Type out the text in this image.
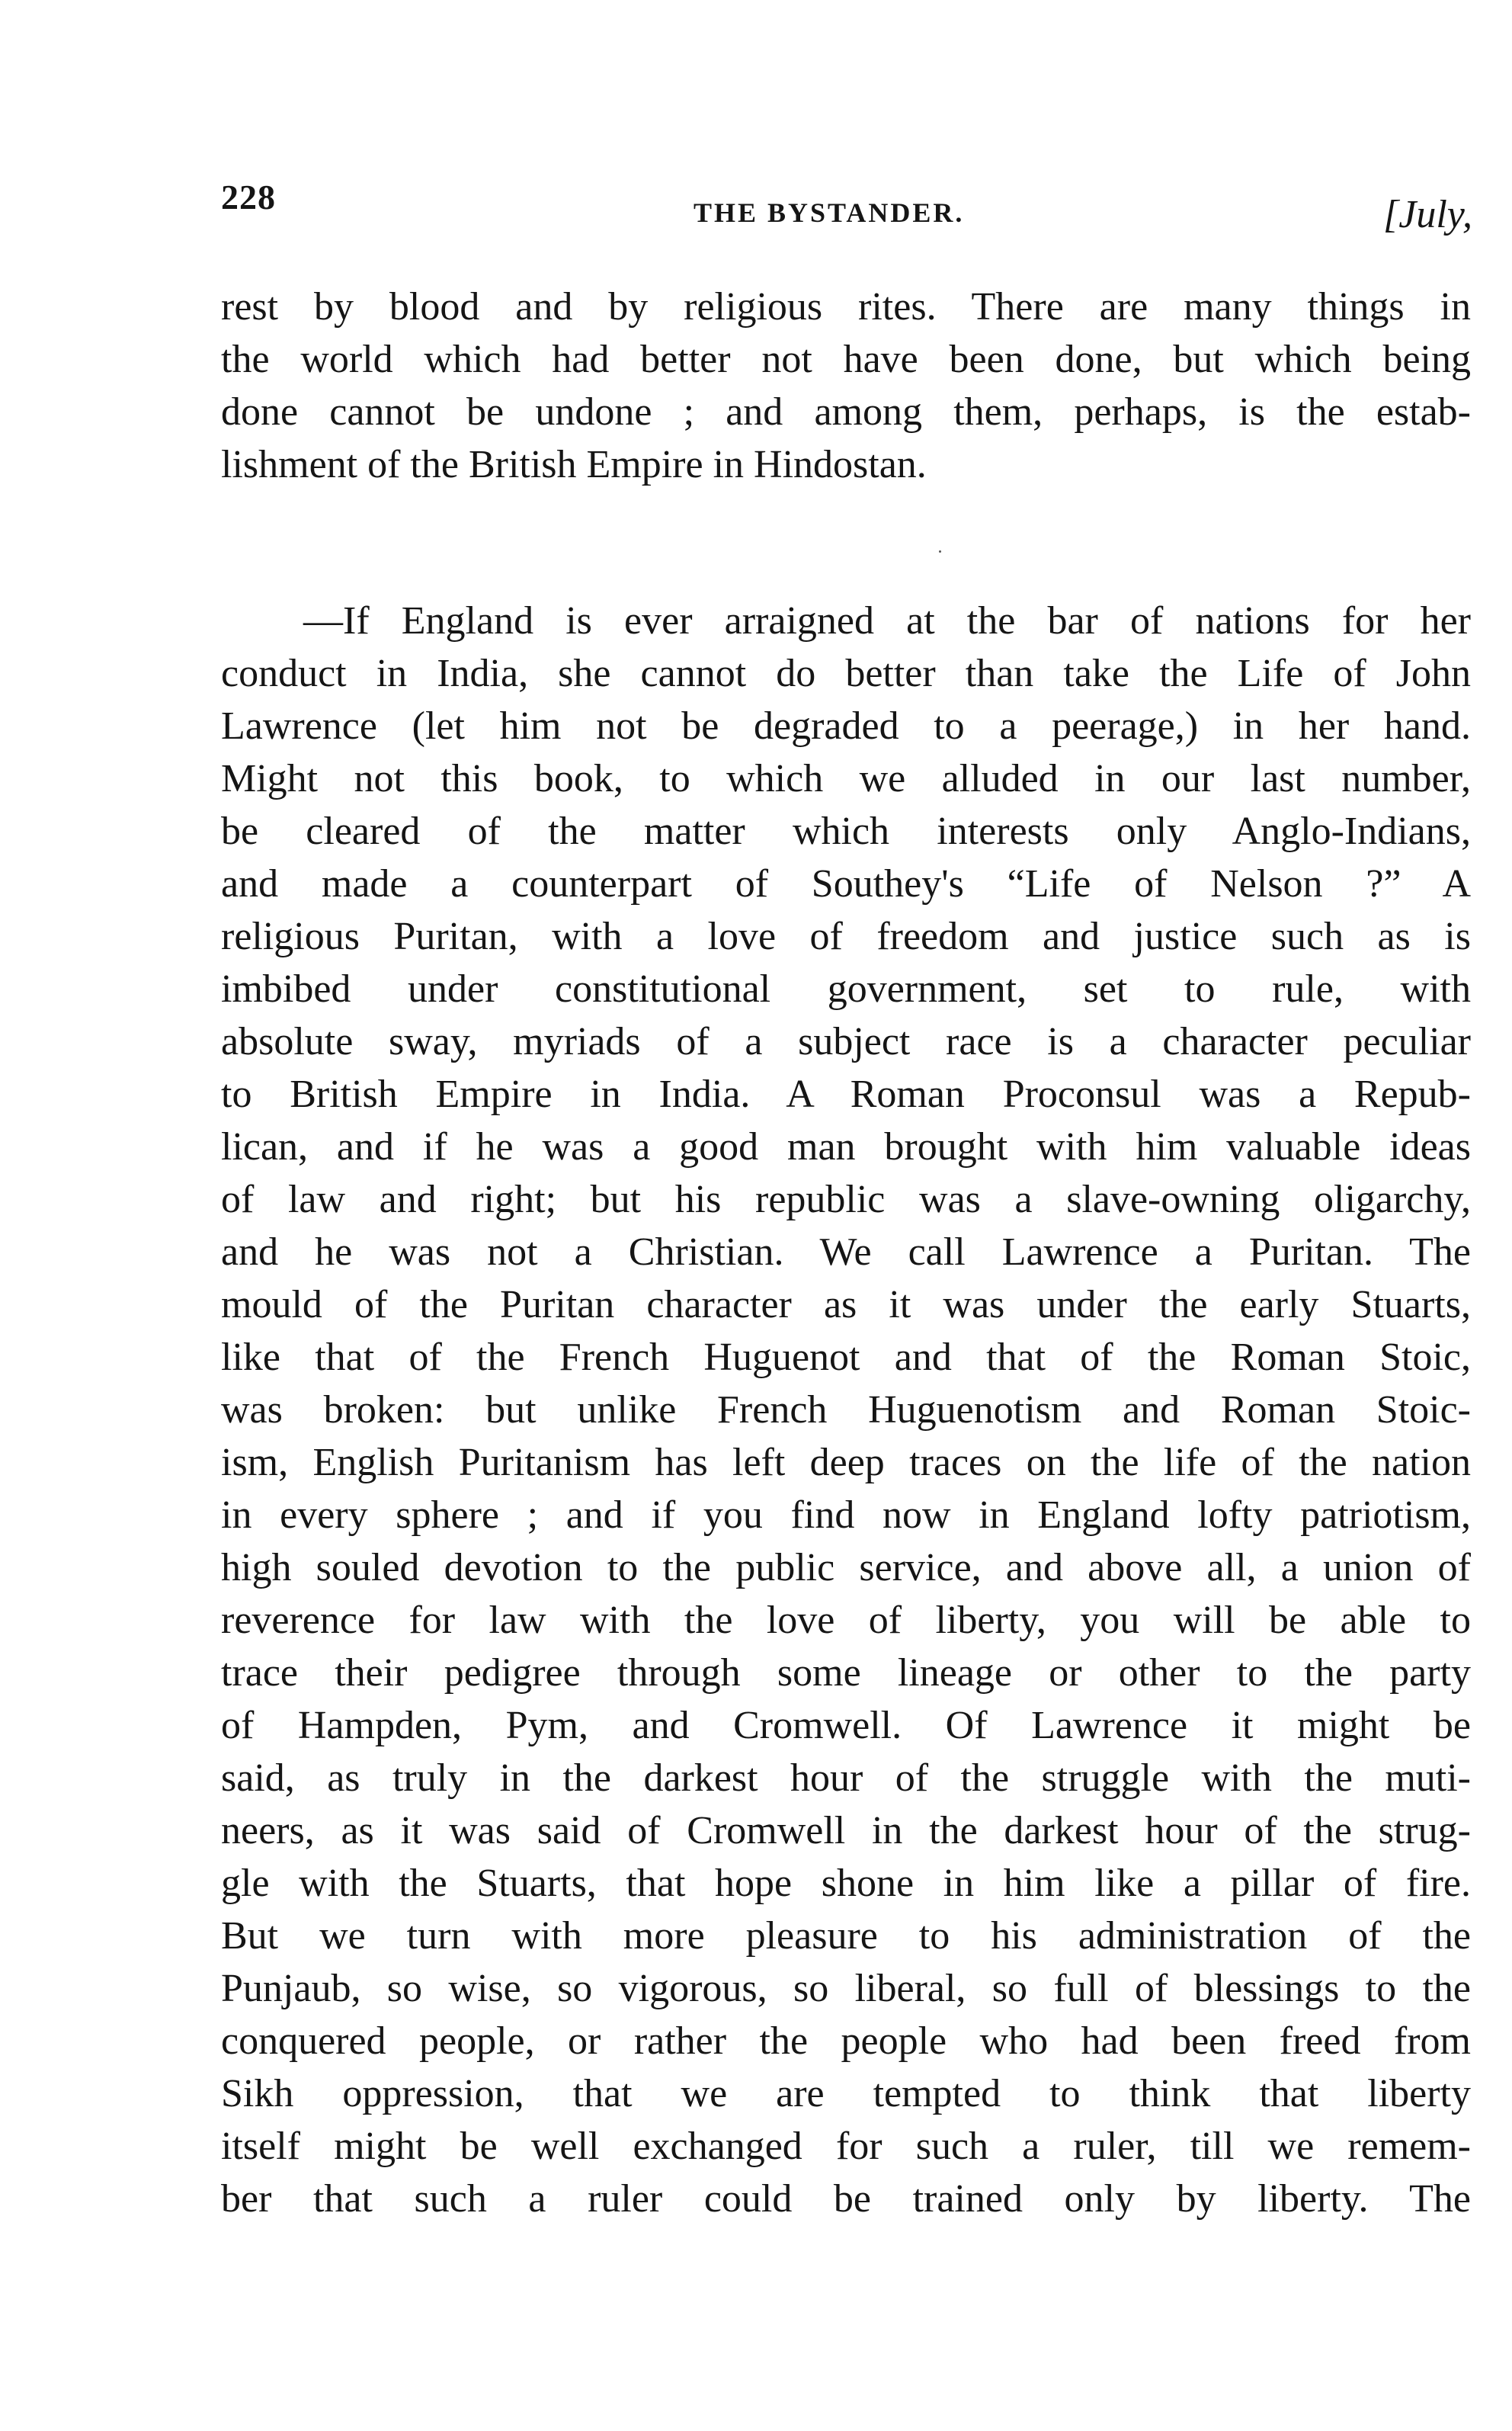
228	THE BYSTANDER.	[July,
rest by blood and by religious rites. There are many things in
the world which had better not have been done, but which being
done cannot be undone ; and among them, perhaps, is the estab-
lishment of the British Empire in Hindostan.
—If England is ever arraigned at the bar of nations for her
conduct in India, she cannot do better than take the Life of John
Lawrence (let him not be degraded to a peerage,) in her hand.
Might not this book, to which we alluded in our last number,
be cleared of the matter which interests only Anglo-Indians,
and made a counterpart of Southey's “Life of Nelson ?” A
religious Puritan, with a love of freedom and justice such as is
imbibed under constitutional government, set to rule, with
absolute sway, myriads of a subject race is a character peculiar
to British Empire in India. A Roman Proconsul was a Repub-
lican, and if he was a good man brought with him valuable ideas
of law and right; but his republic was a slave-owning oligarchy,
and he was not a Christian. We call Lawrence a Puritan. The
mould of the Puritan character as it was under the early Stuarts,
like that of the French Huguenot and that of the Roman Stoic,
was broken: but unlike French Huguenotism and Roman Stoic-
ism, English Puritanism has left deep traces on the life of the nation
in every sphere ; and if you find now in England lofty patriotism,
high souled devotion to the public service, and above all, a union of
reverence for law with the love of liberty, you will be able to
trace their pedigree through some lineage or other to the party
of Hampden, Pym, and Cromwell. Of Lawrence it might be
said, as truly in the darkest hour of the struggle with the muti-
neers, as it was said of Cromwell in the darkest hour of the strug-
gle with the Stuarts, that hope shone in him like a pillar of fire.
But we turn with more pleasure to his administration of the
Punjaub, so wise, so vigorous, so liberal, so full of blessings to the
conquered people, or rather the people who had been freed from
Sikh oppression, that we are tempted to think that liberty
itself might be well exchanged for such a ruler, till we remem-
ber that such a ruler could be trained only by liberty. The
